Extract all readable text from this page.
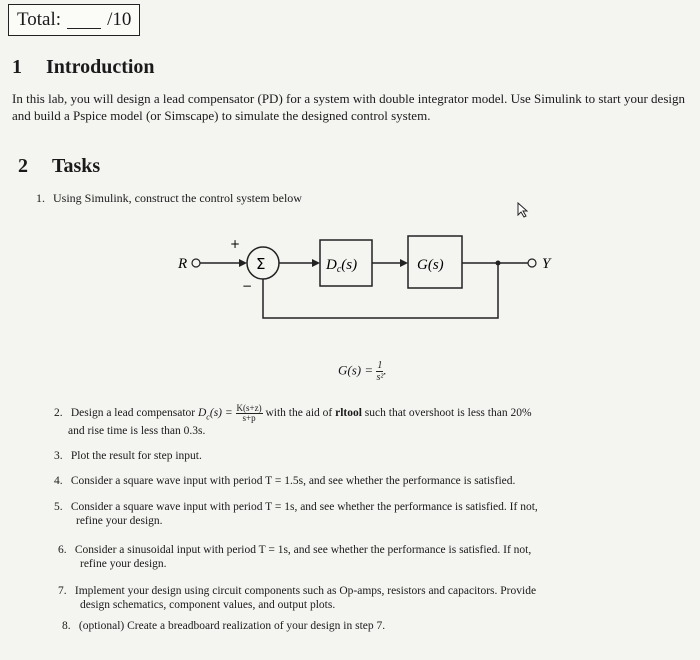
Total: /10
1 Introduction
In this lab, you will design a lead compensator (PD) for a system with double integrator model. Use Simulink to start your design and build a Pspice model (or Simscape) to simulate the designed control system.
2 Tasks
1. Using Simulink, construct the control system below
R
+
−
Σ	$D_c(s)$	G(s)	Y
$G(s) = \frac{1}{\text{s²}}$ .
2. Design a lead compensator $D_c(s) = \frac{K(s+z)}{s+p}$ with the aid of rltool such that overshoot is less than 20%
and rise time is less than 0.3s.
3. Plot the result for step input.
4. Consider a square wave input with period T = 1.5s, and see whether the performance is satisfied.
5. Consider a square wave input with period T = 1s, and see whether the performance is satisfied. If not,
refine your design.
6. Consider a sinusoidal input with period T = 1s, and see whether the performance is satisfied. If not,
refine your design.
7. Implement your design using circuit components such as Op-amps, resistors and capacitors. Provide
design schematics, component values, and output plots.
8. (optional) Create a breadboard realization of your design in step 7.
